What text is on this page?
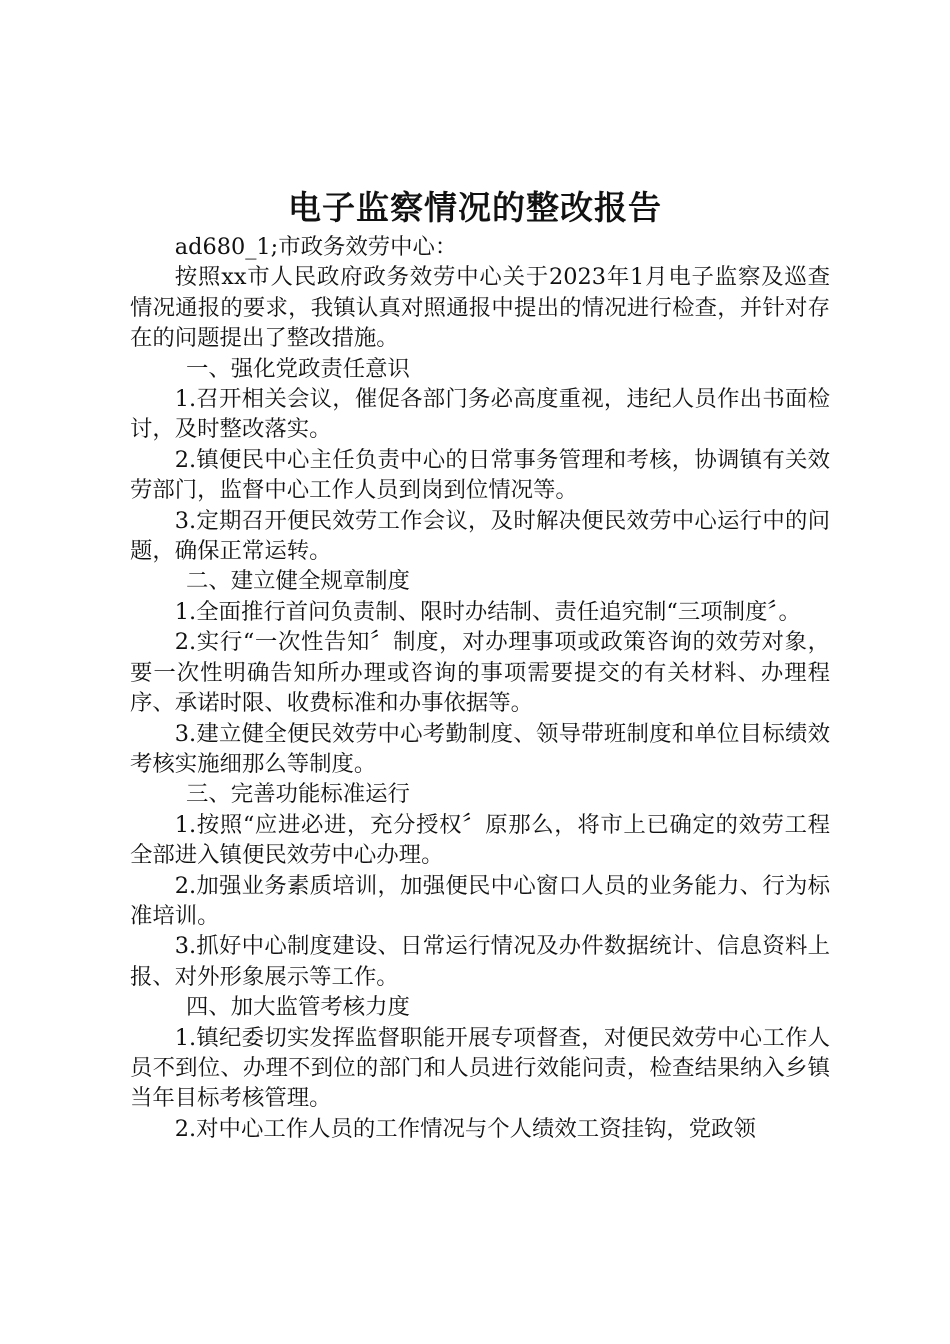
电子监察情况的整改报告

ad680_1;市政务效劳中心：

按照xx市人民政府政务效劳中心关于2023年1月电子监察及巡查情况通报的要求，我镇认真对照通报中提出的情况进行检查，并针对存在的问题提出了整改措施。

一、强化党政责任意识

1.召开相关会议，催促各部门务必高度重视，违纪人员作出书面检讨，及时整改落实。

2.镇便民中心主任负责中心的日常事务管理和考核，协调镇有关效劳部门，监督中心工作人员到岗到位情况等。

3.定期召开便民效劳工作会议，及时解决便民效劳中心运行中的问题，确保正常运转。

二、建立健全规章制度

1.全面推行首问负责制、限时办结制、责任追究制“三项制度〞。

2.实行“一次性告知〞制度，对办理事项或政策咨询的效劳对象，要一次性明确告知所办理或咨询的事项需要提交的有关材料、办理程序、承诺时限、收费标准和办事依据等。

3.建立健全便民效劳中心考勤制度、领导带班制度和单位目标绩效考核实施细那么等制度。

三、完善功能标准运行

1.按照“应进必进，充分授权〞原那么，将市上已确定的效劳工程全部进入镇便民效劳中心办理。

2.加强业务素质培训，加强便民中心窗口人员的业务能力、行为标准培训。

3.抓好中心制度建设、日常运行情况及办件数据统计、信息资料上报、对外形象展示等工作。

四、加大监管考核力度

1.镇纪委切实发挥监督职能开展专项督查，对便民效劳中心工作人员不到位、办理不到位的部门和人员进行效能问责，检查结果纳入乡镇当年目标考核管理。

2.对中心工作人员的工作情况与个人绩效工资挂钩，党政领
